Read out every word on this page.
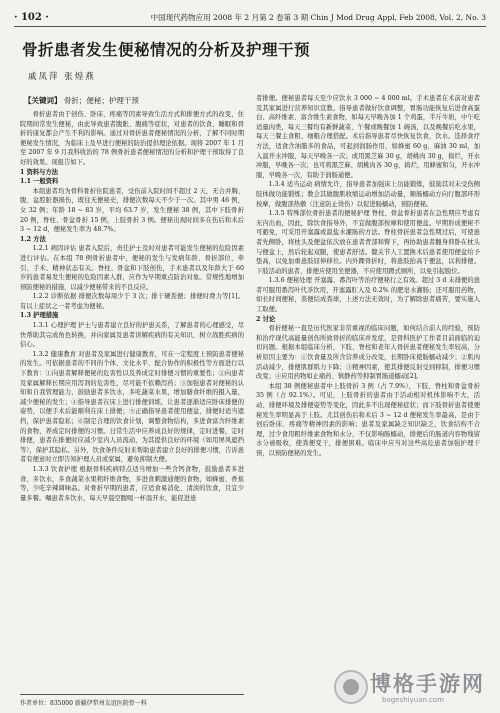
· 102 ·	中国现代药物应用 2008 年 2 月第 2 卷第 3 期 Chin J Mod Drug Appl, Feb 2008, Vol. 2, No. 3
骨折患者发生便秘情况的分析及护理干预
戚凤萍 张煌燕
【关键词】 骨折；便秘；护理干预

骨折患者由于创伤、卧床、疼痛等因素导致生活方式和排便方式的改变，住院期间常发生便秘，由此导致患者腹胀、腹痛等症状，对患者的饮食、睡眠和骨折的康复都会产生不利的影响。通过对骨折患者便秘情况的分析，了解不同时期便秘发生情况，为临床上及早进行便秘的防治提供理论依据。现将 2007 年 1 月至 2007 年 9 月我科收治的 78 例骨折患者便秘情况的分析和护理干预取得了良好的效果。现报告如下。

1 资料与方法

1.1 一般资料

本组患者均为骨科骨折住院患者，受伤前入院时间不超过 2 天，无合并胸、腹、盆腔脏器损伤，既往无便秘史，排便次数每天不少于一次。其中男 46 例，女 32 例；年龄 18 ~ 83 岁，平均 63.7 岁，发生便秘 38 例，其中下肢骨折 20 例，脊柱、骨盆骨折 15 例，上肢骨折 3 例。便秘出现时间多在伤后和术后 3 ~ 12 d，便秘发生率为 48.7%。

1.2 方法

1.2.1 病因评估 患者入院后，责任护士及时对患者可能发生便秘的危险因素进行评估。在本组 78 例骨折患者中，便秘的发生与发病年龄、骨折部位、牵引、手术、精神状态有关。脊柱、骨盆和下肢创伤，手术患者以及年龄大于 60 岁的患者易发生便秘的危险因素人群，应作为早期重点防治对象。常规性地增加预防便秘的措施，以减少便秘带来的不良反应。

1.2.2 诊断依据 排便次数每周少于 3 次；排干硬粪便；排便时费力等[1]。有以上症状之一者考虑为便秘。

1.3 护理措施

1.3.1 心理护理 护士与患者建立良好的护患关系，了解患者的心理感受，尽快帮助其完成角色转换，并向家属及患者讲解疾病的有关知识，树立战胜疾病的信心。

1.3.2 健康教育 对患者及家属进行健康教育，可在一定程度上预防患者便秘的发生。可依据患者的不同的个体、文化水平、配合协作的积极性等方面进行以下教育：①向患者解释便秘的危害性以及养成定时排便习惯的重要性；②向患者及家属解释长期应用泻剂的危害性，尽可能不依赖泻药；③加强患者对便秘的认知和自我管理能力，鼓励患者多饮水，多吃蔬菜水果，增加膳食纤维的摄入量，减少便秘的发生；④指导患者在床上进行排便训练，让患者逐渐适应卧床排便的姿势，以便手术后能顺利在床上排便；⑤正确指导患者使用便盆，排便时适当遮挡，保护患者隐私；⑥制定合理的饮食计划，调整食物结构，多进食富含纤维素的食物，养成定时排便的习惯。日常生活中应养成良好的规律，定时进餐，定时排便，患者在排便时应减少室内人员流动，为其提供良好的环境（如用屏风遮挡等），保护其隐私。另外，饮食条件反射来帮助患者建立良好的排便习惯，告诉患者有便意时立即告知护理人员或家属，避免抑制大便。

1.3.3 饮食护理 根据骨科疾病特点适当增加一些含钙食物，鼓励患者多进食、多饮水，多食蔬菜水果粗纤维食物，多进食刺激通便的食物，如蜂蜜、香蕉等，少吃辛辣调味品。对骨折早期的患者，应适食易消化、清淡的饮食，且宜少量多餐。嘱患者多饮水，每天早晨空腹喝一杯温开水，能促进患

者排便。便秘患者每天至少应饮水 3 000 ~ 4 000 ml。手术患者在术前对患者及其家属进行营养知识宣教。指导患者做好饮食调整，胃肠功能恢复后进食高蛋白、高纤维素、富含维生素食物，如每天早晚各加 1 个鸡蛋，半斤牛奶，中午吃适量肉类，每天三餐均有新鲜蔬菜、午餐或晚餐加 1 碗汤，以及晚餐后吃水果，每天三餐主食粗、细粮合理搭配。术后指导患者尽快恢复饮食，饮水。选择食疗方法，适食含油脂多的食品，可起到润肠作用，如蜂蜜 60 g，麻油 30 ml，加入温开水冲服，每天早晚各一次；或用黑芝麻 30 g，胡桃肉 30 g，捣烂，开水冲服，早晚各一次；也可将黑芝麻、胡桃肉各 30 g，捣烂，用蜂蜜和匀，开水冲服，早晚各一次，有助于润肠通便。

1.3.4 适当运动 病情允许，指导患者加强床上功能锻炼，鼓励其对未受伤侧肢体做功能锻炼；教会其做腹肌收缩运动增加活动量，顺肠蠕动方向行腹部环形按摩，做腹部热敷（注意防止烫伤）以促进肠蠕动，预防便秘。

1.3.5 特殊部位骨折患者的便秘护理 脊柱、骨盆骨折患者在急性期应考虑有无内出血，因此，除饮食指导外，不宜做腹部按摩和使用便盆。早期形成便秘不可避免，可采用开塞露或温盐水灌肠的方法。脊柱骨折患者急性期过后，可使患者先侧卧，将枕头及便盆依次放在患者背部和臀下，再协助患者翻身仰卧在枕头与便盆上，然后轮起双腿，使患者舒适。髋关节人工置换术后患者使用便盆给予垫高，以免加重患肢屈伸移位。内外踝骨折时，将患肢抬高于便盆，以利排便。下肢活动的患者，排便应使用坐便器，不应使用蹲式厕所，以免引起脱位。

1.3.6 便秘处理 开塞露、番泻叶等治疗便秘行之有效。超过 3 d 未排便的患者可服用番泻叶代茶饮用，开塞露肛入及 0.2% 的肥皂水灌肠；还可服用药物，如长时间便秘，粪便结成粪球，上述方法无效时，为了解除患者痛苦，要实施人工取便。

2 讨论

骨折便秘一直是历代医家非常重视的临床问题，如何结合前人的经验，预防和治疗现代高能量创伤所致骨折的临床并发症，是骨科医护工作者目前面临的迫切问题。根据本组临床分析，下肢、脊柱和老年人骨折患者便秘发生率较高，分析原因主要为：①饮食量及所含营养成分改变，长期卧床使肠蠕动减少；②肌肉活动减少，排便肌群肌力下降；③精神因素，使其排便反射受到抑制，排便习惯改变；④应用药物如止痛药、镇静药等抑制胃肠道蠕动[2]。

本组 38 例便秘患者中上肢骨折 3 例（占 7.9%），下肢、脊柱和骨盆骨折 35 例（占 92.1%）。可见，上肢骨折的患者由于活动相对机体影响不大，活动、排便环境及排便姿势等变化，因此多不出现便秘症状；而下肢骨折患者使便秘发生率明显高于上肢。尤其创伤后和术后 3 ~ 12 d 便秘发生率最高，是由于创后卧床、疼痛等精神因素的影响；患者及家属缺乏知识缺乏，饮食结构不合理，过少食用粗纤维素食物和水分，不仅影响肠蠕动，排便后的肠道内容物残留水分被吸收，使粪便变干，排便困难。临床中应当对这些高危患者加强护理干预，以预防便秘的发生。

作者单位：835000 新疆伊犁州友谊医院骨一科
博格手游网
bogeshiyuan.com
